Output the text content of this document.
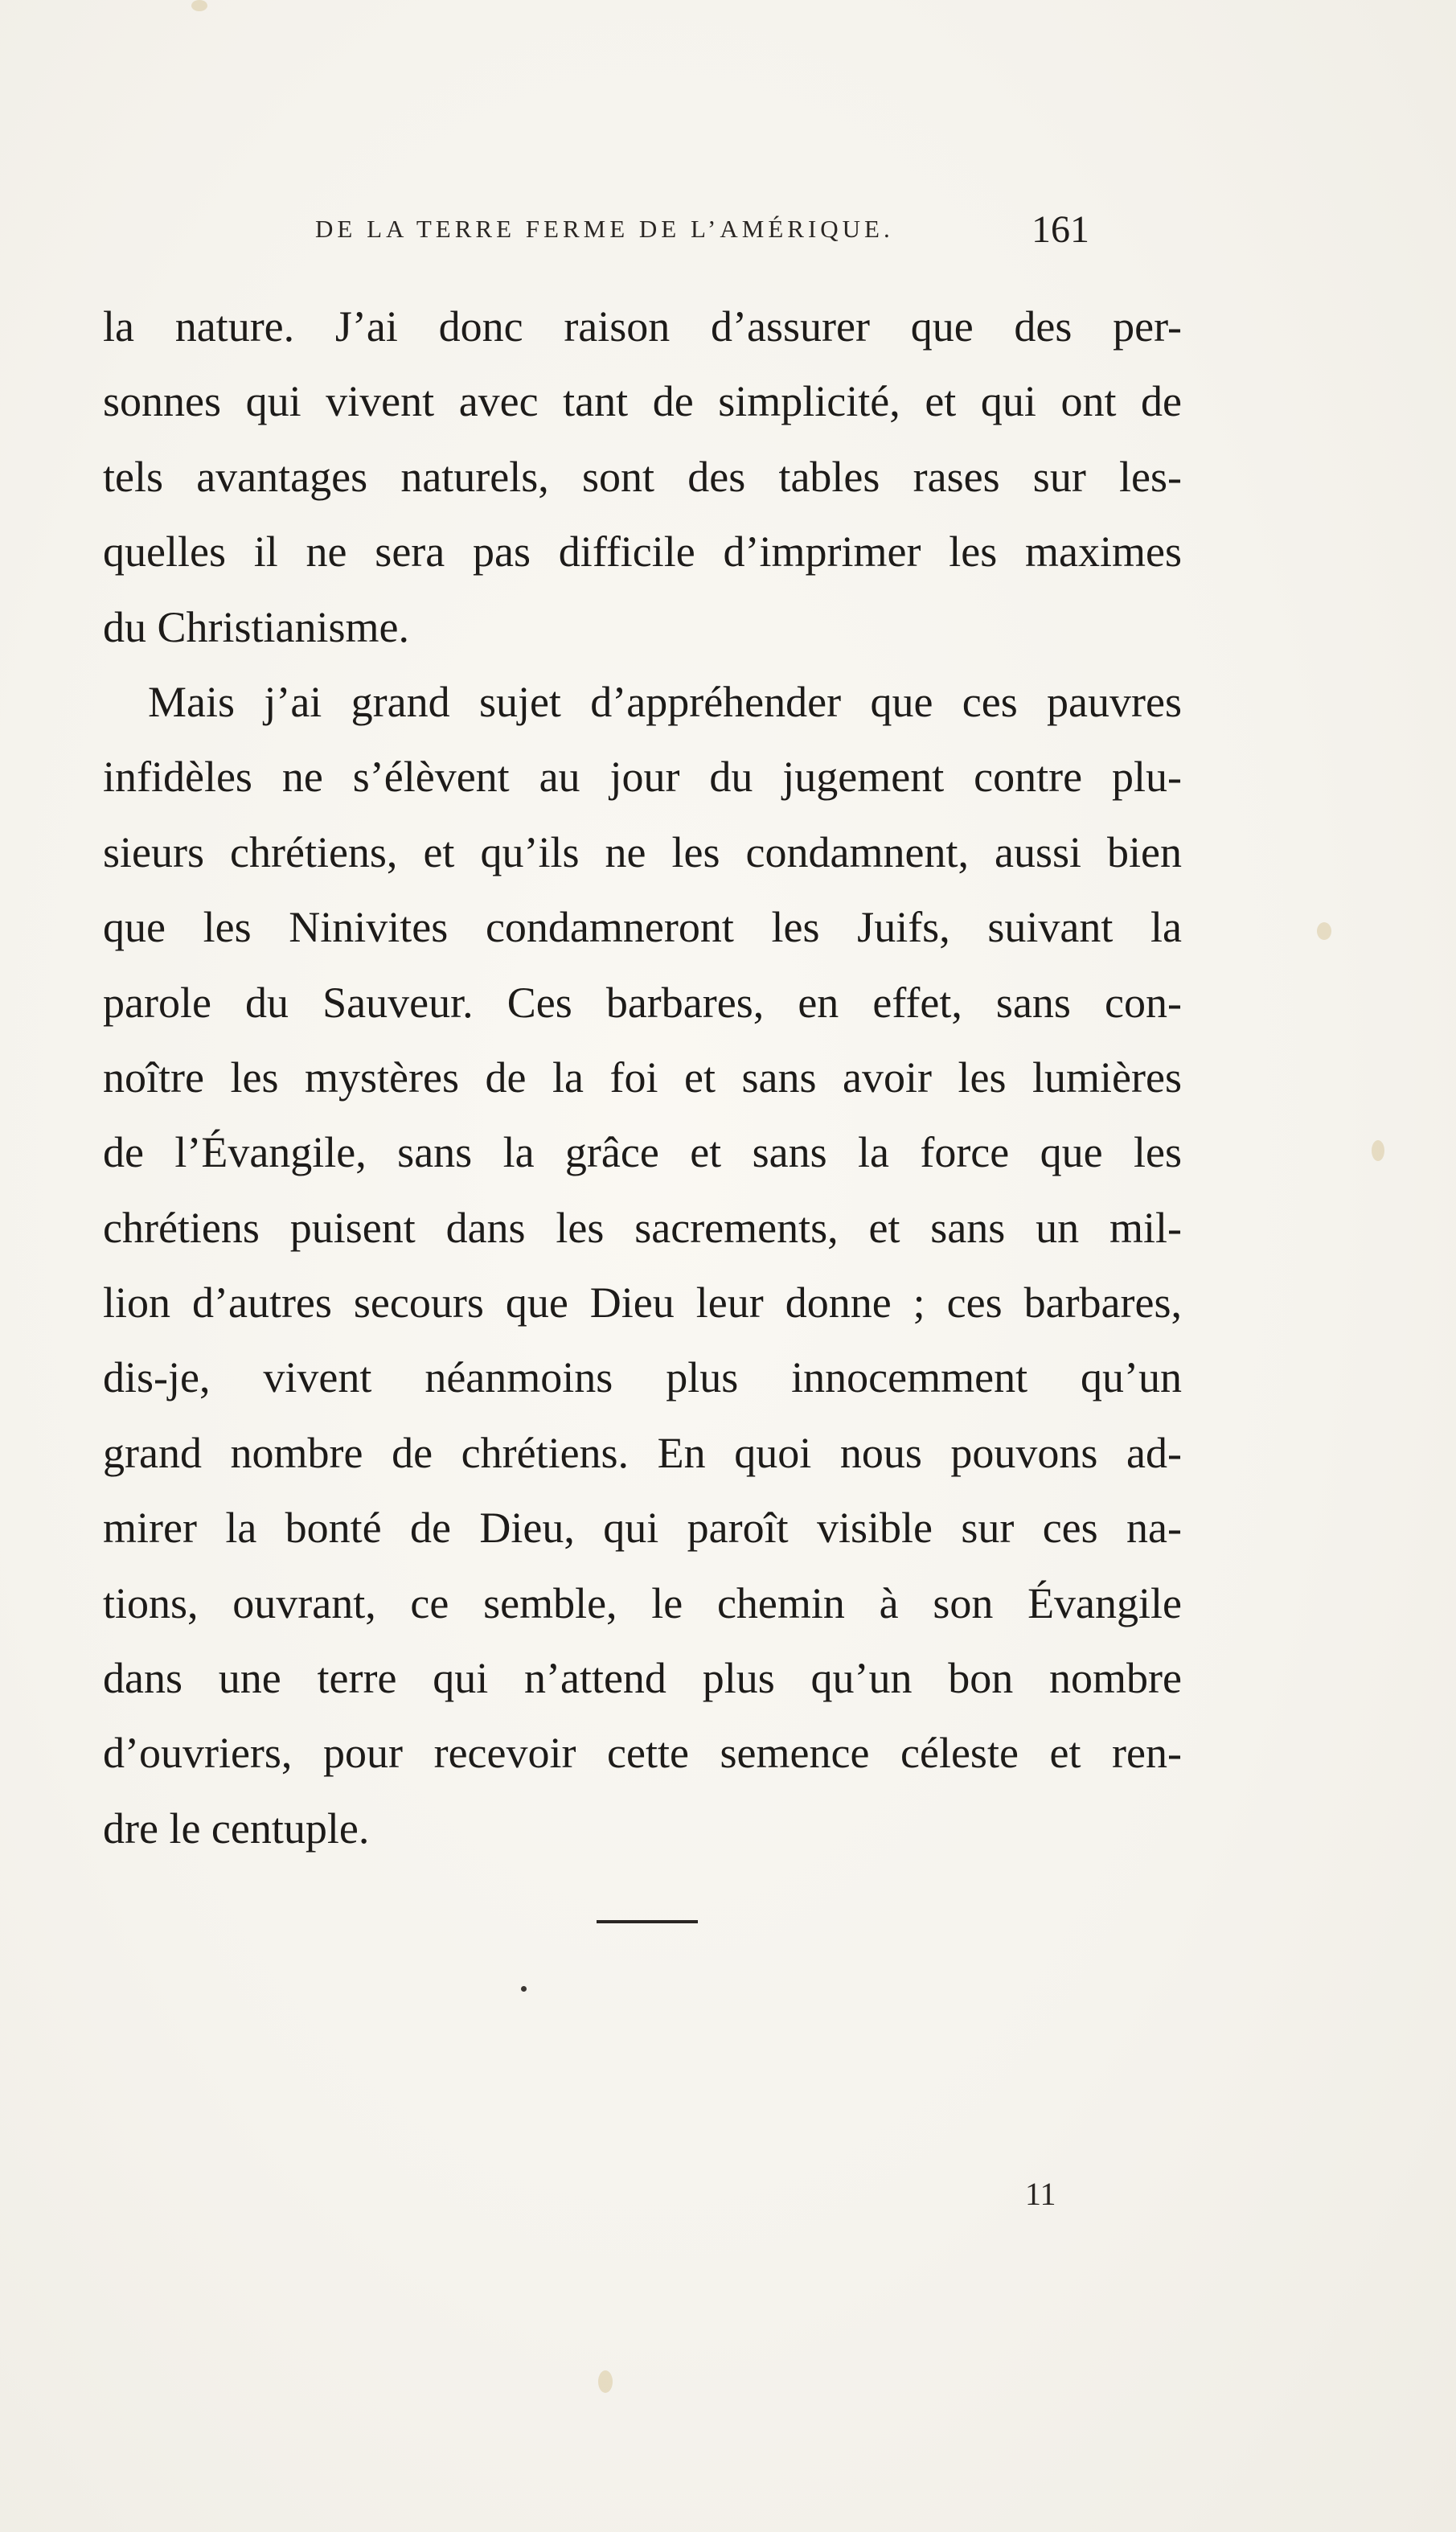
DE LA TERRE FERME DE L’AMÉRIQUE.	161
la nature. J’ai donc raison d’assurer que des per-
sonnes qui vivent avec tant de simplicité, et qui ont de
tels avantages naturels, sont des tables rases sur les-
quelles il ne sera pas difficile d’imprimer les maximes
du Christianisme.
Mais j’ai grand sujet d’appréhender que ces pauvres
infidèles ne s’élèvent au jour du jugement contre plu-
sieurs chrétiens, et qu’ils ne les condamnent, aussi bien
que les Ninivites condamneront les Juifs, suivant la
parole du Sauveur. Ces barbares, en effet, sans con-
noître les mystères de la foi et sans avoir les lumières
de l’Évangile, sans la grâce et sans la force que les
chrétiens puisent dans les sacrements, et sans un mil-
lion d’autres secours que Dieu leur donne ; ces barbares,
dis-je, vivent néanmoins plus innocemment qu’un
grand nombre de chrétiens. En quoi nous pouvons ad-
mirer la bonté de Dieu, qui paroît visible sur ces na-
tions, ouvrant, ce semble, le chemin à son Évangile
dans une terre qui n’attend plus qu’un bon nombre
d’ouvriers, pour recevoir cette semence céleste et ren-
dre le centuple.
11
